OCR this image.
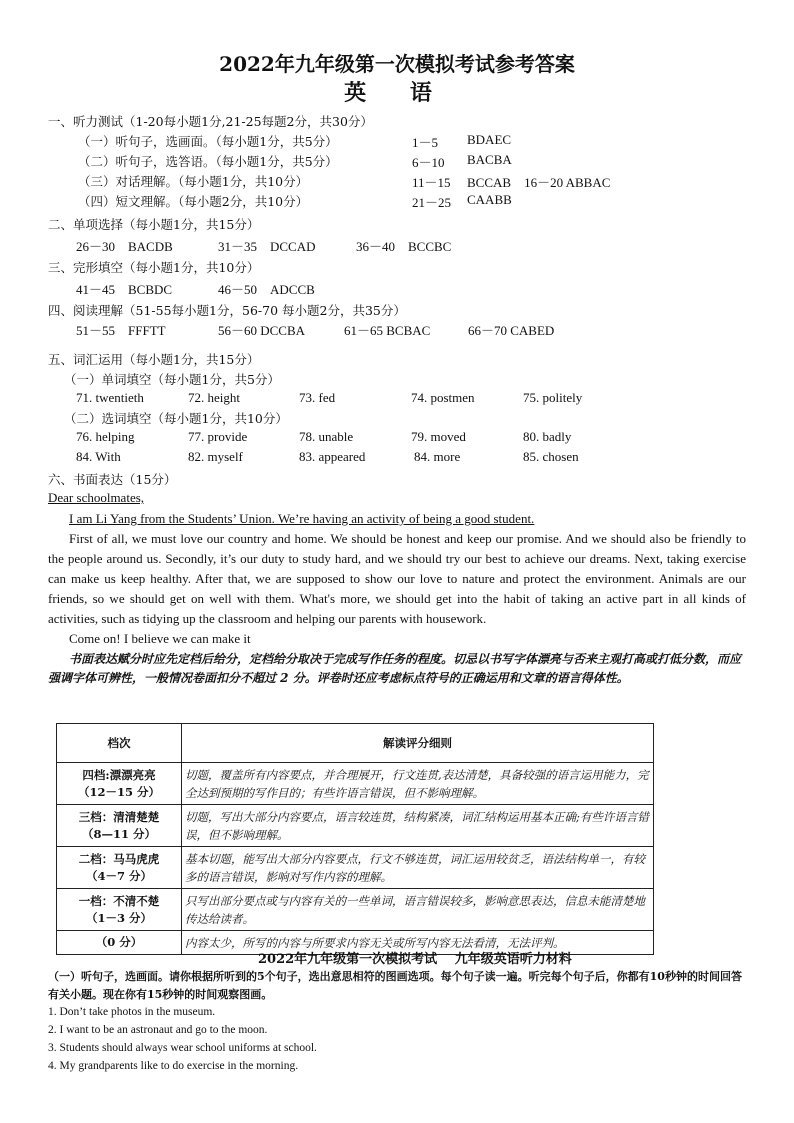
2022年九年级第一次模拟考试参考答案
英 语
一、听力测试（1-20每小题1分,21-25每题2分，共30分）
（一）听句子，选画面。（每小题1分，共5分）	1－5 BDAEC
（二）听句子，选答语。（每小题1分，共5分）	6－10 BACBA
（三）对话理解。（每小题1分，共10分）	11－15 BCCAB　16－20 ABBAC
（四）短文理解。（每小题2分，共10分）	21－25 CAABB
二、单项选择（每小题1分，共15分）
26－30　BACDB	31－35　DCCAD	36－40　BCCBC
三、完形填空（每小题1分，共10分）
41－45　BCBDC	46－50　ADCCB
四、阅读理解（51-55每小题1分，56-70 每小题2分，共35分）
51－55　FFFTT	56－60 DCCBA	61－65 BCBAC	66－70 CABED
五、词汇运用（每小题1分，共15分）
（一）单词填空（每小题1分，共5分）
71. twentieth	72. height	73. fed	74. postmen	75. politely
（二）选词填空（每小题1分，共10分）
76. helping	77. provide	78. unable	79. moved	80. badly
84. With	82. myself	83. appeared	84. more	85. chosen
六、书面表达（15分）
Dear schoolmates,
I am Li Yang from the Students’ Union. We’re having an activity of being a good student.
First of all, we must love our country and home. We should be honest and keep our promise. And we should also be friendly to the people around us. Secondly, it’s our duty to study hard, and we should try our best to achieve our dreams. Next, taking exercise can make us keep healthy. After that, we are supposed to show our love to nature and protect the environment. Animals are our friends, so we should get on well with them. What's more, we should get into the habit of taking an active part in all kinds of activities, such as tidying up the classroom and helping our parents with housework.
Come on! I believe we can make it
书面表达赋分时应先定档后给分，定档给分取决于完成写作任务的程度。切忌以书写字体漂亮与否来主观打高或打低分数，而应强调字体可辨性，一般情况卷面扣分不超过 2 分。评卷时还应考虑标点符号的正确运用和文章的语言得体性。
档次	解读评分细则

四档:漂漂亮亮
（12－15 分）	切题，覆盖所有内容要点，并合理展开，行文连贯,表达清楚，具备较强的语言运用能力，完全达到预期的写作目的；有些许语言错误，但不影响理解。

三档：清清楚楚
（8—11 分）	切题，写出大部分内容要点，语言较连贯，结构紧凑，词汇结构运用基本正确;有些许语言错误，但不影响理解。

二档：马马虎虎
（4－7 分）	基本切题，能写出大部分内容要点，行文不够连贯，词汇运用较贫乏，语法结构单一，有较多的语言错误，影响对写作内容的理解。

一档：不清不楚
（1－3 分）	只写出部分要点或与内容有关的一些单词，语言错误较多，影响意思表达，信息未能清楚地传达给读者。
（0 分）	内容太少，所写的内容与所要求内容无关或所写内容无法看清，无法评判。
2022年九年级第一次模拟考试　 九年级英语听力材料
（一）听句子，选画面。请你根据所听到的5个句子，选出意思相符的图画选项。每个句子读一遍。听完每个句子后，你都有10秒钟的时间回答有关小题。现在你有15秒钟的时间观察图画。
1. Don’t take photos in the museum.
2. I want to be an astronaut and go to the moon.
3. Students should always wear school uniforms at school.
4. My grandparents like to do exercise in the morning.
